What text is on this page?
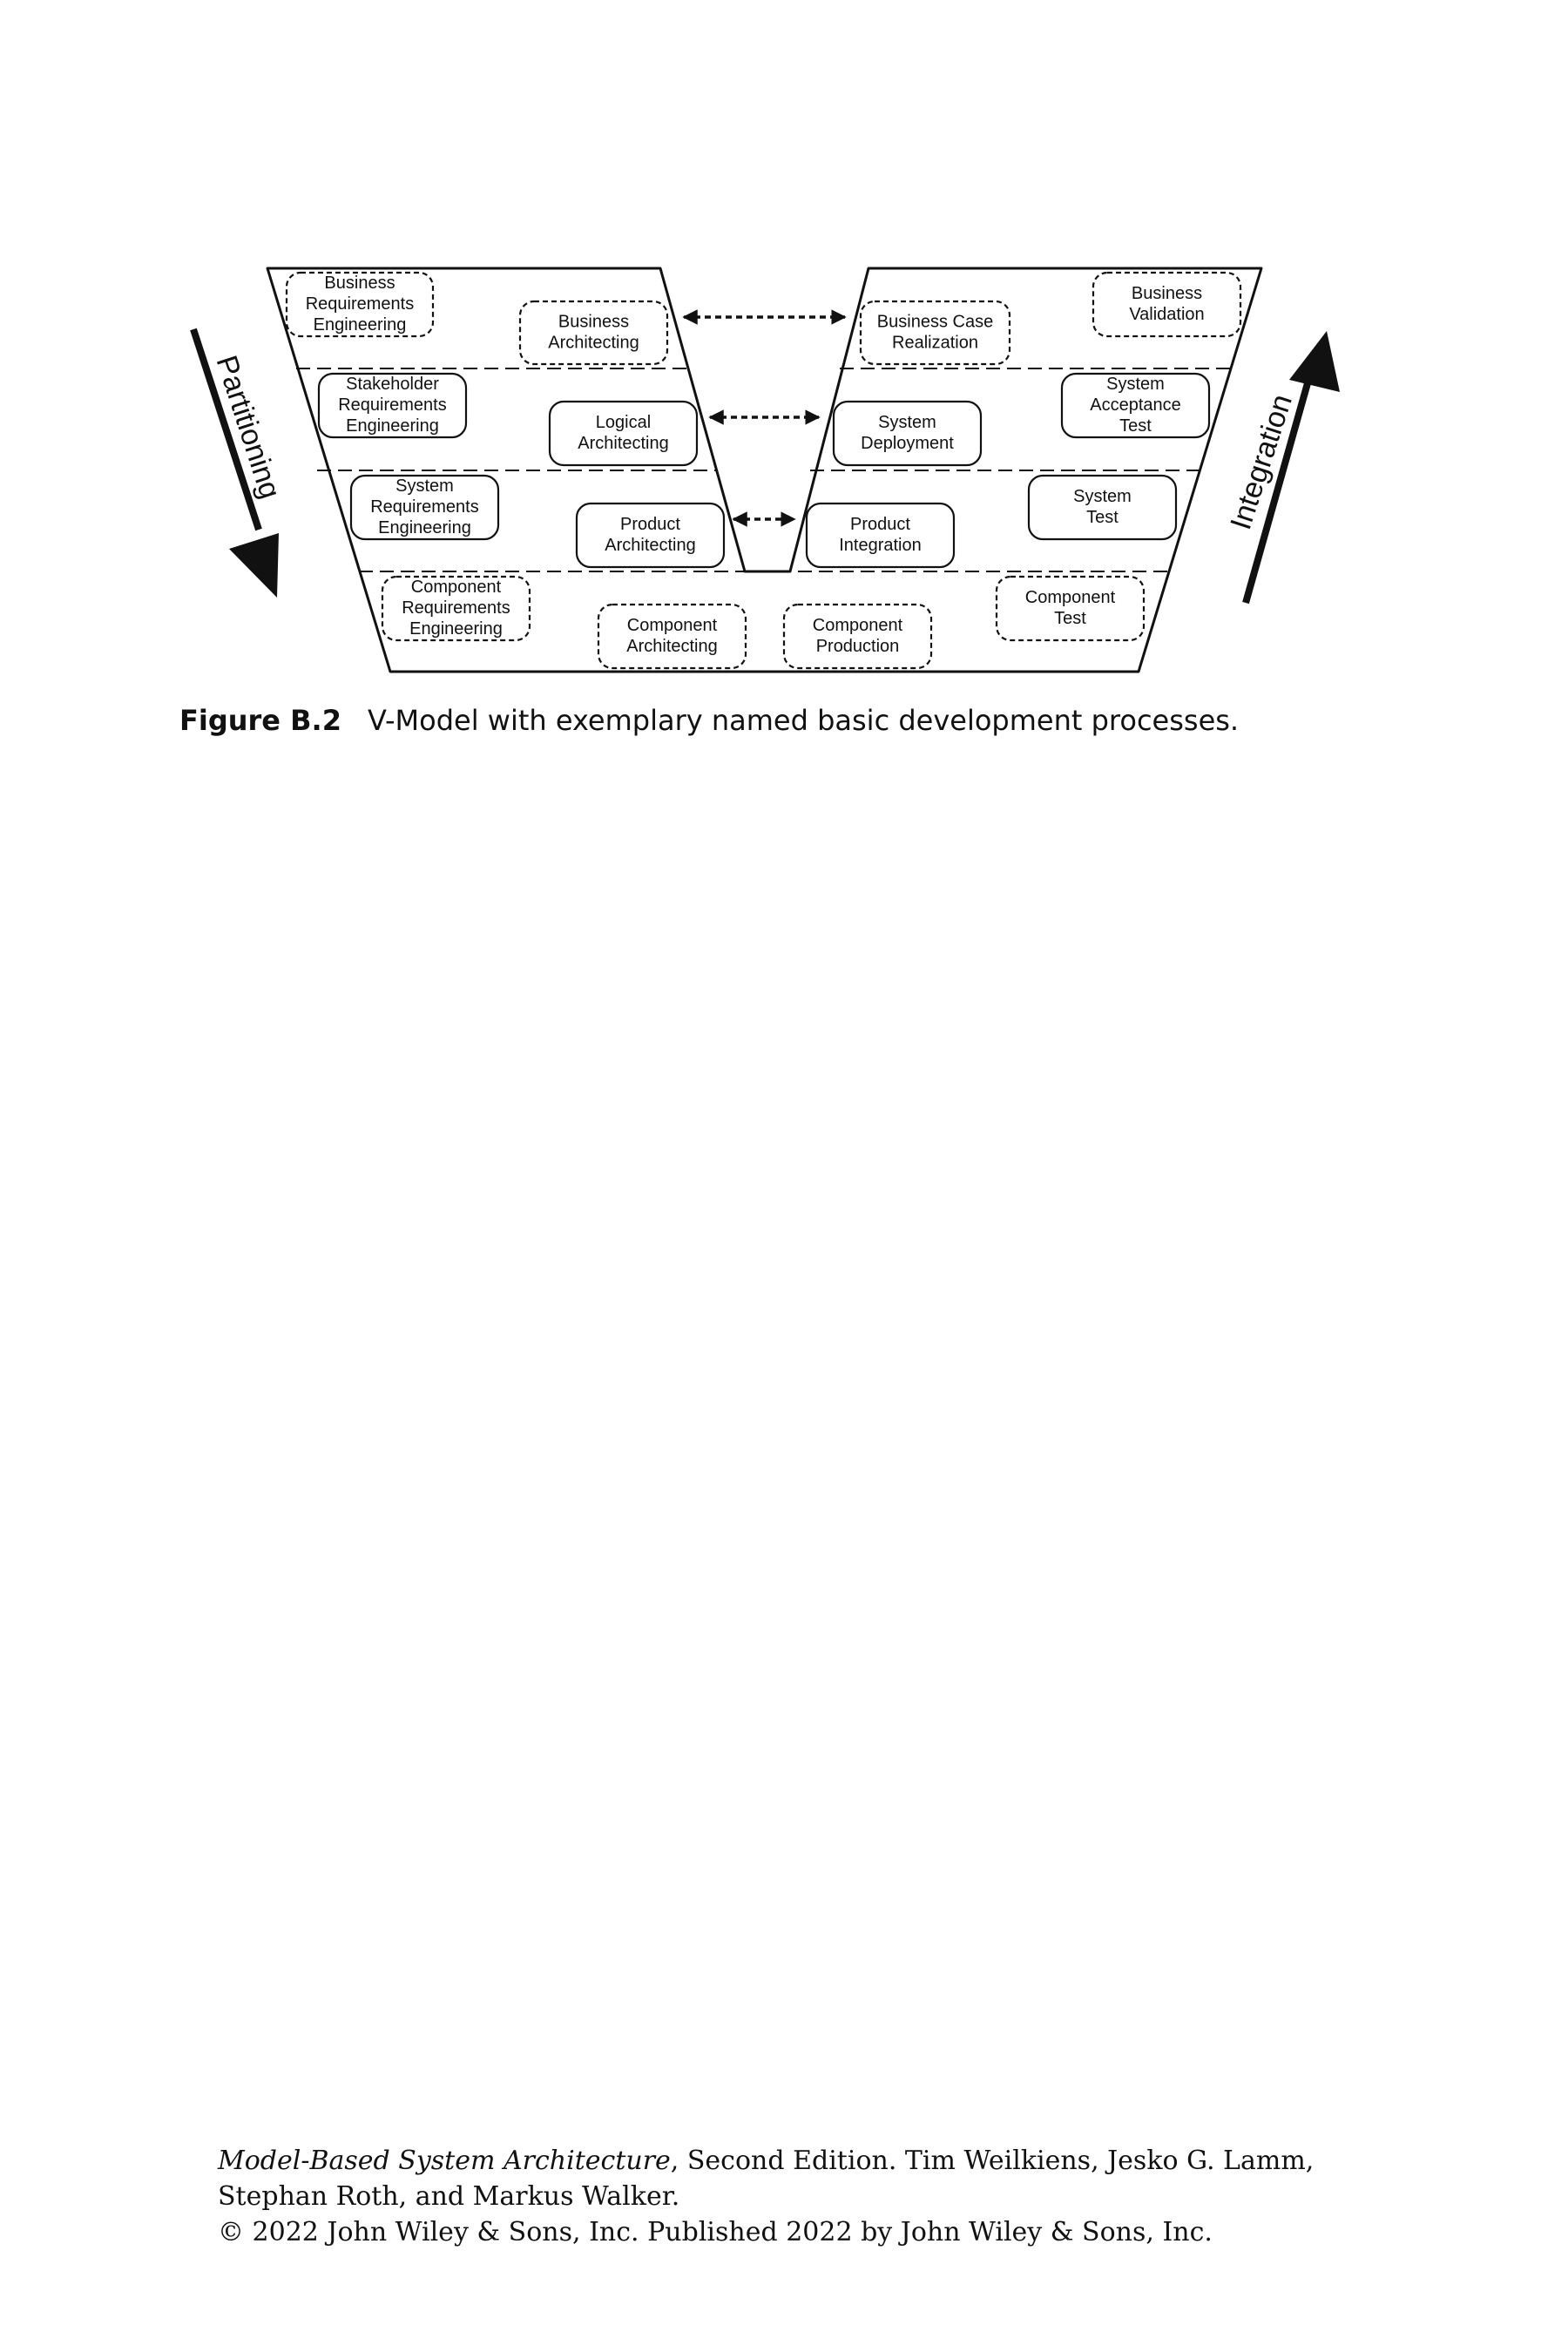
Partitioning	Integration
Business
Requirements
Engineering	Business
Architecting
Business Case
Realization
Business
Validation
Stakeholder
Requirements
Engineering	Logical
Architecting
System
Deployment
System
Acceptance
Test
System
Requirements
Engineering	Product
Architecting
Product
Integration
System
Test
Component
Requirements
Engineering	Component
Architecting
Component
Production
Component
Test
Figure B.2 V-Model with exemplary named basic development processes.
Model-Based System Architecture, Second Edition. Tim Weilkiens, Jesko G. Lamm,
Stephan Roth, and Markus Walker.
© 2022 John Wiley & Sons, Inc. Published 2022 by John Wiley & Sons, Inc.
